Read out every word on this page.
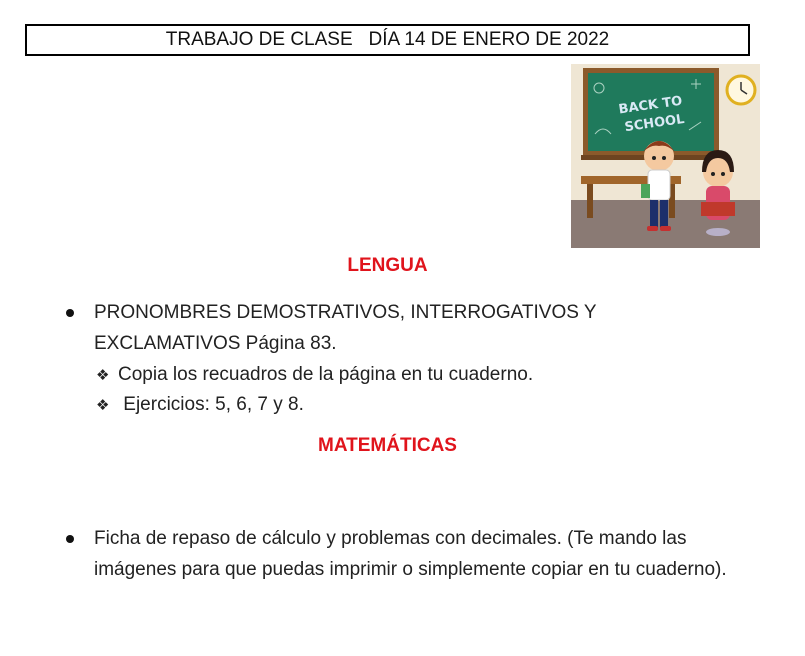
TRABAJO DE CLASE   DÍA 14 DE ENERO DE 2022
BACK TO
SCHOOL
LENGUA
PRONOMBRES DEMOSTRATIVOS, INTERROGATIVOS Y EXCLAMATIVOS Página 83.
❖ Copia los recuadros de la página en tu cuaderno.
❖ Ejercicios: 5, 6, 7 y 8.
MATEMÁTICAS
Ficha de repaso de cálculo y problemas con decimales. (Te mando las imágenes para que puedas imprimir o simplemente copiar en tu cuaderno).
